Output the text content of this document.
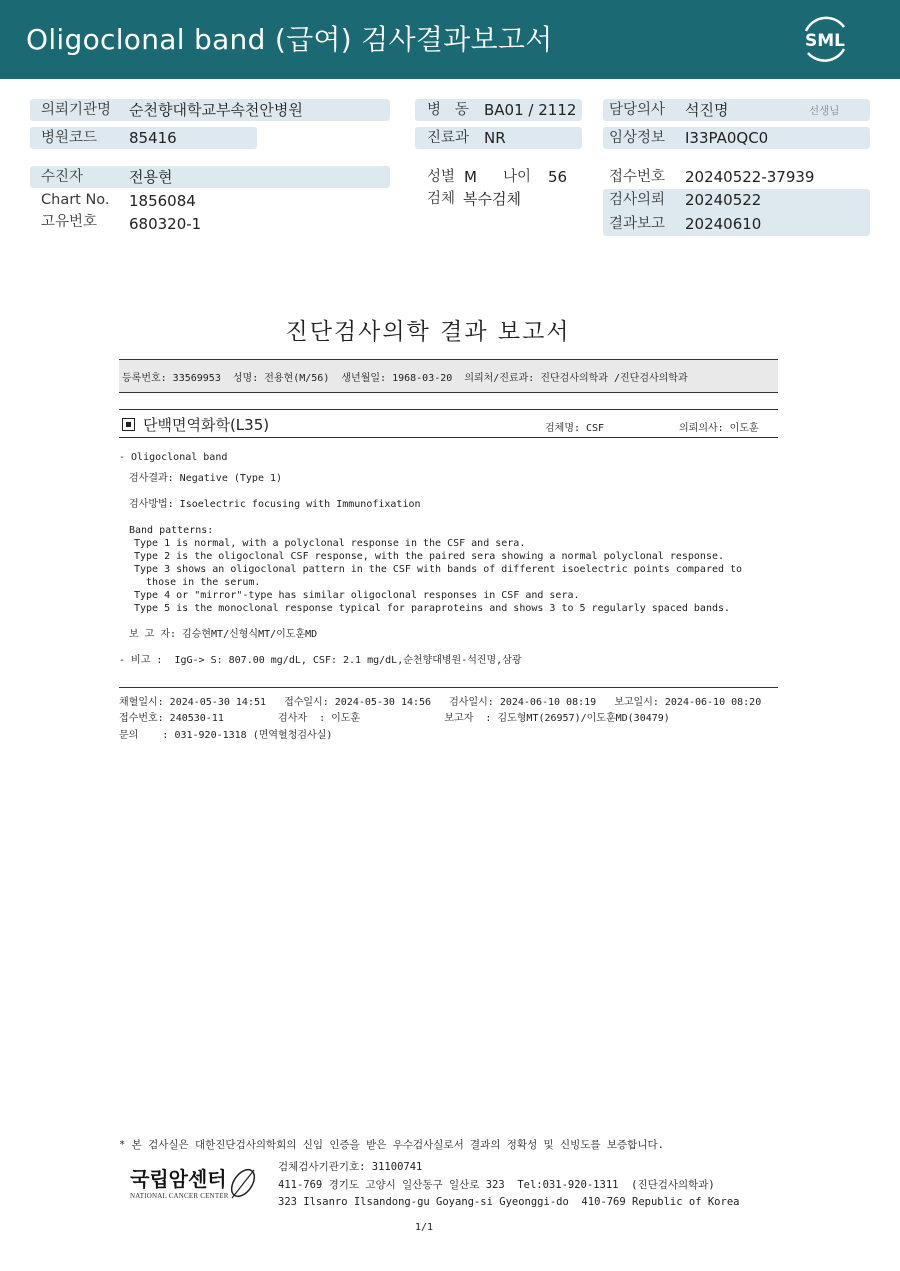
Oligoclonal band (급여) 검사결과보고서	SML
의뢰기관명 순천향대학교부속천안병원
병원코드 85416
병   동 BA01 / 2112
진료과 NR
담당의사 석진명	선생님
임상정보 I33PA0QC0
수진자	전용현
Chart No. 1856084
고유번호 680320-1
성별 M 나이 56
검체 복수검체
접수번호 20240522-37939
검사의뢰 20240522
결과보고 20240610
진단검사의학 결과 보고서
등록번호: 33569953  성명: 전용현(M/56)  생년월일: 1968-03-20  의뢰처/진료과: 진단검사의학과 /진단검사의학과
단백면역화학(L35)	검체명: CSF	의뢰의사: 이도훈
- Oligoclonal band
검사결과: Negative (Type 1)
검사방법: Isoelectric focusing with Immunofixation
Band patterns:
Type 1 is normal, with a polyclonal response in the CSF and sera.
Type 2 is the oligoclonal CSF response, with the paired sera showing a normal polyclonal response.
Type 3 shows an oligoclonal pattern in the CSF with bands of different isoelectric points compared to
those in the serum.
Type 4 or "mirror"-type has similar oligoclonal responses in CSF and sera.
Type 5 is the monoclonal response typical for paraproteins and shows 3 to 5 regularly spaced bands.
보 고 자: 김승현MT/신형식MT/이도훈MD
- 비고 :  IgG-> S: 807.00 mg/dL, CSF: 2.1 mg/dL,순천향대병원-석진명,삼광
채혈일시: 2024-05-30 14:51   접수일시: 2024-05-30 14:56   검사일시: 2024-06-10 08:19   보고일시: 2024-06-10 08:20
접수번호: 240530-11         검사자  : 이도훈              보고자  : 김도형MT(26957)/이도훈MD(30479)
문의    : 031-920-1318 (면역혈청검사실)
* 본 검사실은 대한진단검사의학회의 신임 인증을 받은 우수검사실로서 결과의 정확성 및 신빙도를 보증합니다.
국립암센터
NATIONAL CANCER CENTER
검체검사기관기호: 31100741
411-769 경기도 고양시 일산동구 일산로 323  Tel:031-920-1311  (진단검사의학과)
323 Ilsanro Ilsandong-gu Goyang-si Gyeonggi-do  410-769 Republic of Korea
1/1
